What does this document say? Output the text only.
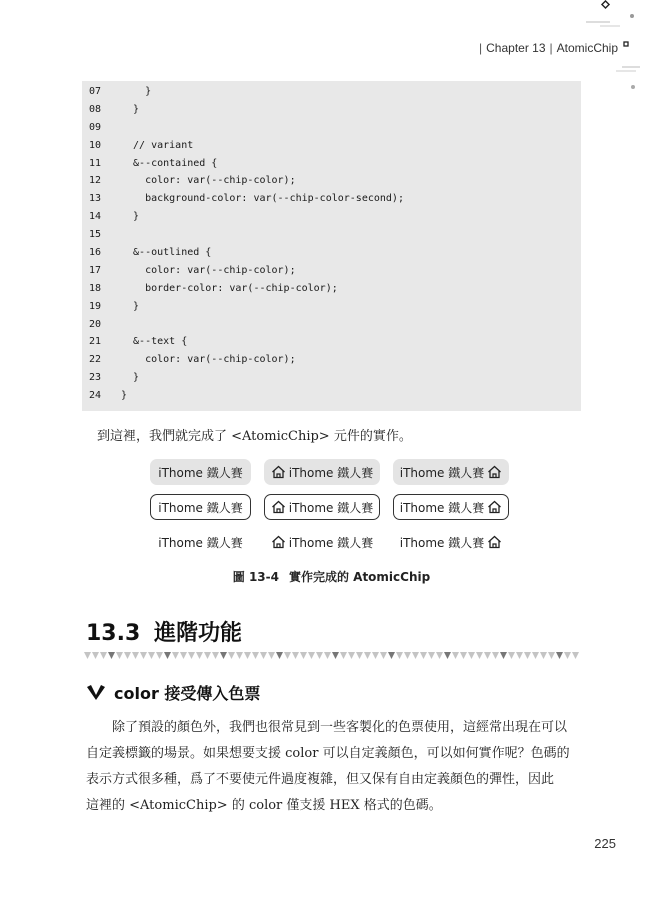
| Chapter 13 | AtomicChip
07	}
08	}
09
10	// variant
11	&--contained {
12	color: var(--chip-color);
13	background-color: var(--chip-color-second);
14	}
15
16	&--outlined {
17	color: var(--chip-color);
18	border-color: var(--chip-color);
19	}
20
21	&--text {
22	color: var(--chip-color);
23	}
24	}
到這裡，我們就完成了 <AtomicChip> 元件的實作。
iThome 鐵人賽	iThome 鐵人賽 iThome 鐵人賽
iThome 鐵人賽	iThome 鐵人賽 iThome 鐵人賽
iThome 鐵人賽	iThome 鐵人賽 iThome 鐵人賽
圖 13-4 實作完成的 AtomicChip
13.3 進階功能
color 接受傳入色票
除了預設的顏色外，我們也很常見到一些客製化的色票使用，這經常出現在可以
自定義標籤的場景。如果想要支援 color 可以自定義顏色，可以如何實作呢？色碼的
表示方式很多種，爲了不要使元件過度複雜，但又保有自由定義顏色的彈性，因此
這裡的 <AtomicChip> 的 color 僅支援 HEX 格式的色碼。
225
